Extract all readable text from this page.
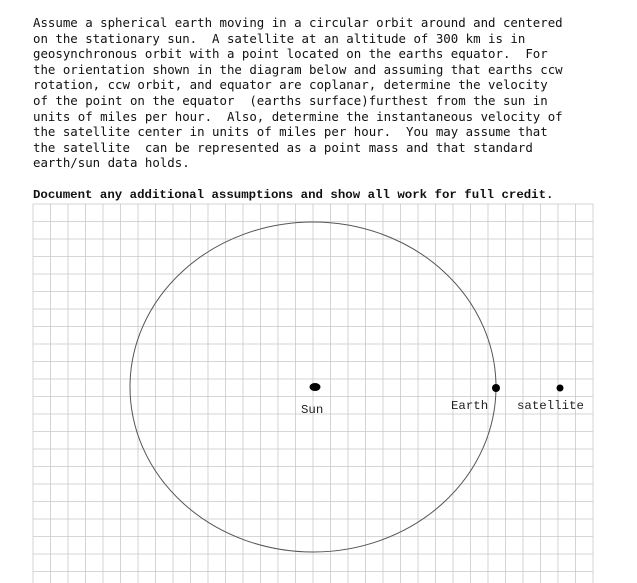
Assume a spherical earth moving in a circular orbit around and centered
on the stationary sun.  A satellite at an altitude of 300 km is in
geosynchronous orbit with a point located on the earths equator.  For
the orientation shown in the diagram below and assuming that earths ccw
rotation, ccw orbit, and equator are coplanar, determine the velocity
of the point on the equator  (earths surface)furthest from the sun in
units of miles per hour.  Also, determine the instantaneous velocity of
the satellite center in units of miles per hour.  You may assume that
the satellite  can be represented as a point mass and that standard
earth/sun data holds.
Document any additional assumptions and show all work for full credit.
Sun	Earth satellite
